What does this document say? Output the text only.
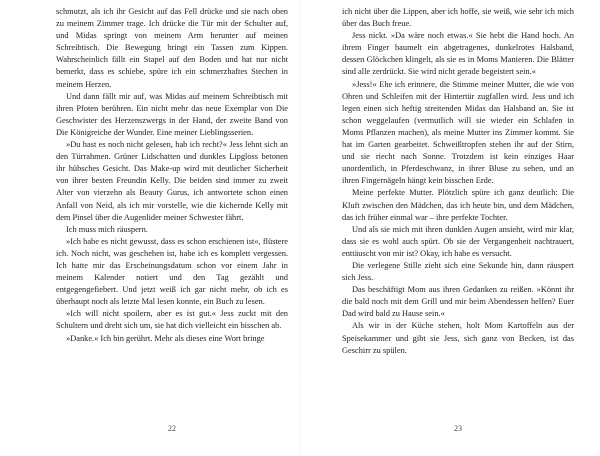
schmutzt, als ich ihr Gesicht auf das Fell drücke und sie nach oben zu meinem Zimmer trage. Ich drücke die Tür mit der Schulter auf, und Midas springt von meinem Arm herunter auf meinen Schreibtisch. Die Bewegung bringt ein Tassen zum Kippen. Wahrscheinlich fällt ein Stapel auf den Boden und hat nur nicht bemerkt, dass es schiebe, spüre ich ein schmerzhaftes Stechen in meinem Herzen.

Und dann fällt mir auf, was Midas auf meinem Schreibtisch mit ihren Pfoten berühren. Ein nicht mehr das neue Exemplar von Die Geschwister des Herzenszwergs in der Hand, der zweite Band von Die Königreiche der Wunder. Eine meiner Lieblingsserien.

»Du hast es noch nicht gelesen, hab ich recht?« Jess lehnt sich an den Türrahmen. Grüner Lidschatten und dunkles Lipgloss betonen ihr hübsches Gesicht. Das Make-up wird mit deutlicher Sicherheit von ihrer besten Freundin Kelly. Die beiden sind immer zu zweit Alter von vierzehn als Beauty Gurus, ich antwortete schon einen Anfall von Neid, als ich mir vorstelle, wie die kichernde Kelly mit dem Pinsel über die Augenlider meiner Schwester fährt.

Ich muss mich räuspern.

»Ich habe es nicht gewusst, dass es schon erschienen ist«, flüstere ich. Noch nicht, was geschehen ist, habe ich es komplett vergessen. Ich hatte mir das Erscheinungsdatum schon vor einem Jahr in meinem Kalender notiert und den Tag gezählt und entgegengefiebert. Und jetzt weiß ich gar nicht mehr, ob ich es überhaupt noch als letzte Mal lesen konnte, ein Buch zu lesen.

»Ich will nicht spoilern, aber es ist gut.« Jess zuckt mit den Schultern und dreht sich um, sie hat dich vielleicht ein bisschen ab.

»Danke.« Ich bin gerührt. Mehr als dieses eine Wort bringe

22

ich nicht über die Lippen, aber ich hoffe, sie weiß, wie sehr ich mich über das Buch freue.

Jess nickt. »Da wäre noch etwas.« Sie hebt die Hand hoch. An ihrem Finger baumelt ein abgetragenes, dunkelrotes Halsband, dessen Glöckchen klingelt, als sie es in Moms Manieren. Die Blätter sind alle zerdrückt. Sie wird nicht gerade begeistert sein.«

»Jess!« Ehe ich erinnere, die Stimme meiner Mutter, die wie von Ohren und Schleifen mit der Hintertür zugfallen wird. Jess und ich legen einen sich heftig streitenden Midas das Halsband an. Sie ist schon weggelaufen (vermutlich will sie wieder ein Schlafen in Moms Pflanzen machen), als meine Mutter ins Zimmer kommt. Sie hat im Garten gearbeitet. Schweißtropfen stehen ihr auf der Stirn, und sie riecht nach Sonne. Trotzdem ist kein einziges Haar unordentlich, in Pferdeschwanz, in ihrer Bluse zu sehen, und an ihren Fingernägeln hängt kein bisschen Erde.

Meine perfekte Mutter. Plötzlich spüre ich ganz deutlich: Die Kluft zwischen den Mädchen, das ich heute bin, und dem Mädchen, das ich früher einmal war – ihre perfekte Tochter.

Und als sie mich mit ihren dunklen Augen ansieht, wird mir klar, dass sie es wohl auch spürt. Ob sie der Vergangenheit nachtrauert, enttäuscht von mir ist? Okay, ich habe es versucht.

Die verlegene Stille zieht sich eine Sekunde hin, dann räuspert sich Jess.

Das beschäftigt Mom aus ihren Gedanken zu reißen. »Könnt ihr die bald noch mit dem Grill und mir beim Abendessen helfen? Euer Dad wird bald zu Hause sein.«

Als wir in der Küche stehen, holt Mom Kartoffeln aus der Speisekammer und gibt sie Jess, sich ganz von Becken, ist das Geschirr zu spülen.

23
